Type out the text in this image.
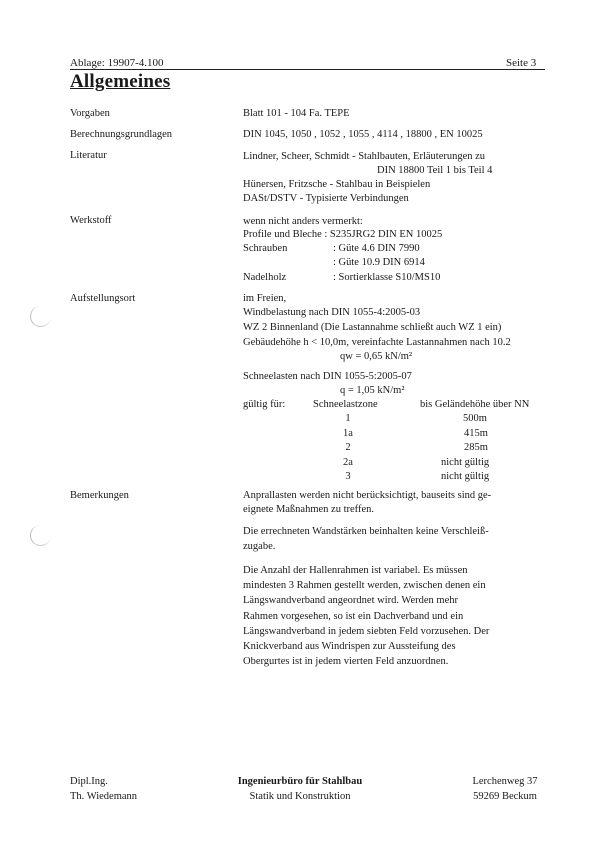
Ablage: 19907-4.100	Seite 3
Allgemeines
Vorgaben	Blatt 101 - 104 Fa. TEPE
Berechnungsgrundlagen	DIN 1045, 1050 , 1052 , 1055 , 4114 , 18800 , EN 10025
Literatur	Lindner, Scheer, Schmidt - Stahlbauten, Erläuterungen zu
DIN 18800 Teil 1 bis Teil 4
Hünersen, Fritzsche - Stahlbau in Beispielen
DASt/DSTV - Typisierte Verbindungen
Werkstoff	wenn nicht anders vermerkt:
Profile und Bleche : S235JRG2 DIN EN 10025
Schrauben	: Güte 4.6 DIN 7990
: Güte 10.9 DIN 6914
Nadelholz	: Sortierklasse S10/MS10
Aufstellungsort	im Freien,
Windbelastung nach DIN 1055-4:2005-03
WZ 2 Binnenland (Die Lastannahme schließt auch WZ 1 ein)
Gebäudehöhe h < 10,0m, vereinfachte Lastannahmen nach 10.2
qw = 0,65 kN/m²
Schneelasten nach DIN 1055-5:2005-07
q = 1,05 kN/m²
gültig für:	Schneelastzone	bis Geländehöhe über NN
1	500m
1a	415m
2	285m
2a	nicht gültig
3	nicht gültig
Bemerkungen	Anprallasten werden nicht berücksichtigt, bauseits sind ge-
eignete Maßnahmen zu treffen.
Die errechneten Wandstärken beinhalten keine Verschleiß-
zugabe.
Die Anzahl der Hallenrahmen ist variabel. Es müssen
mindesten 3 Rahmen gestellt werden, zwischen denen ein
Längswandverband angeordnet wird. Werden mehr
Rahmen vorgesehen, so ist ein Dachverband und ein
Längswandverband in jedem siebten Feld vorzusehen. Der
Knickverband aus Windrispen zur Aussteifung des
Obergurtes ist in jedem vierten Feld anzuordnen.
Dipl.Ing.
Th. Wiedemann
Ingenieurbüro für Stahlbau
Statik und Konstruktion
Lerchenweg 37
59269 Beckum
